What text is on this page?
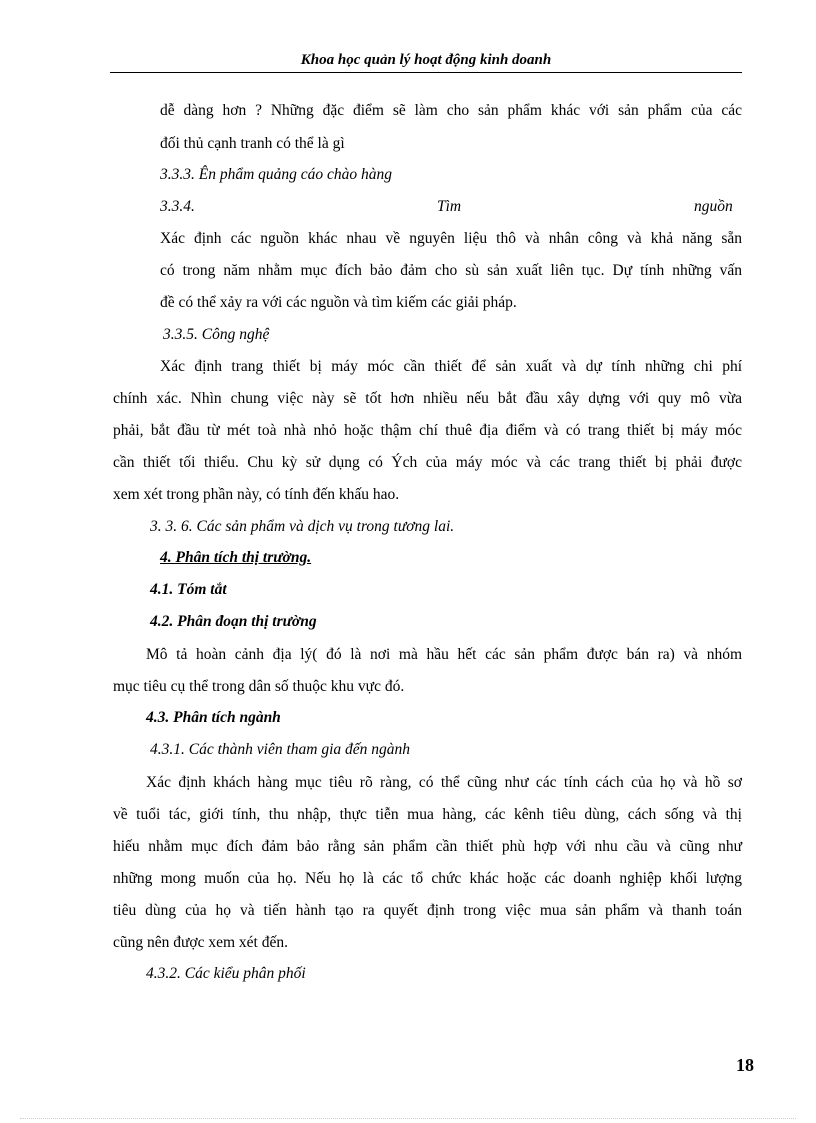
Khoa học quản lý hoạt động kinh doanh
dễ dàng hơn ? Những đặc điểm sẽ làm cho sản phẩm khác với sản phẩm của các
đối thủ cạnh tranh có thể là gì
3.3.3. Ên phẩm quảng cáo chào hàng
3.3.4.	Tìm	nguồn
Xác định các nguồn khác nhau về nguyên liệu thô và nhân công và khả năng sẵn
có trong năm nhằm mục đích bảo đảm cho sù sản xuất liên tục. Dự tính những vấn
đề có thể xảy ra với các nguồn và tìm kiếm các giải pháp.
3.3.5. Công nghệ
Xác định trang thiết bị máy móc cần thiết để sản xuất và dự tính những chi phí
chính xác. Nhìn chung việc này sẽ tốt hơn nhiều nếu bắt đầu xây dựng với quy mô vừa
phải, bắt đầu từ mét toà nhà nhỏ hoặc thậm chí thuê địa điểm và có trang thiết bị máy móc
cần thiết tối thiểu. Chu kỳ sử dụng có Ých của máy móc và các trang thiết bị phải được
xem xét trong phần này, có tính đến khấu hao.
3. 3. 6. Các sản phẩm và dịch vụ trong tương lai.
4. Phân tích thị trường.
4.1. Tóm tắt
4.2. Phân đoạn thị trường
Mô tả hoàn cảnh địa lý( đó là nơi mà hầu hết các sản phẩm được bán ra) và nhóm
mục tiêu cụ thể trong dân số thuộc khu vực đó.
4.3. Phân tích ngành
4.3.1. Các thành viên tham gia đến ngành
Xác định khách hàng mục tiêu rõ ràng, có thể cũng như các tính cách của họ và hồ sơ
về tuổi tác, giới tính, thu nhập, thực tiễn mua hàng, các kênh tiêu dùng, cách sống và thị
hiếu nhằm mục đích đảm bảo rằng sản phẩm cần thiết phù hợp với nhu cầu và cũng như
những mong muốn của họ. Nếu họ là các tổ chức khác hoặc các doanh nghiệp khối lượng
tiêu dùng của họ và tiến hành tạo ra quyết định trong việc mua sản phẩm và thanh toán
cũng nên được xem xét đến.
4.3.2. Các kiểu phân phối
18
